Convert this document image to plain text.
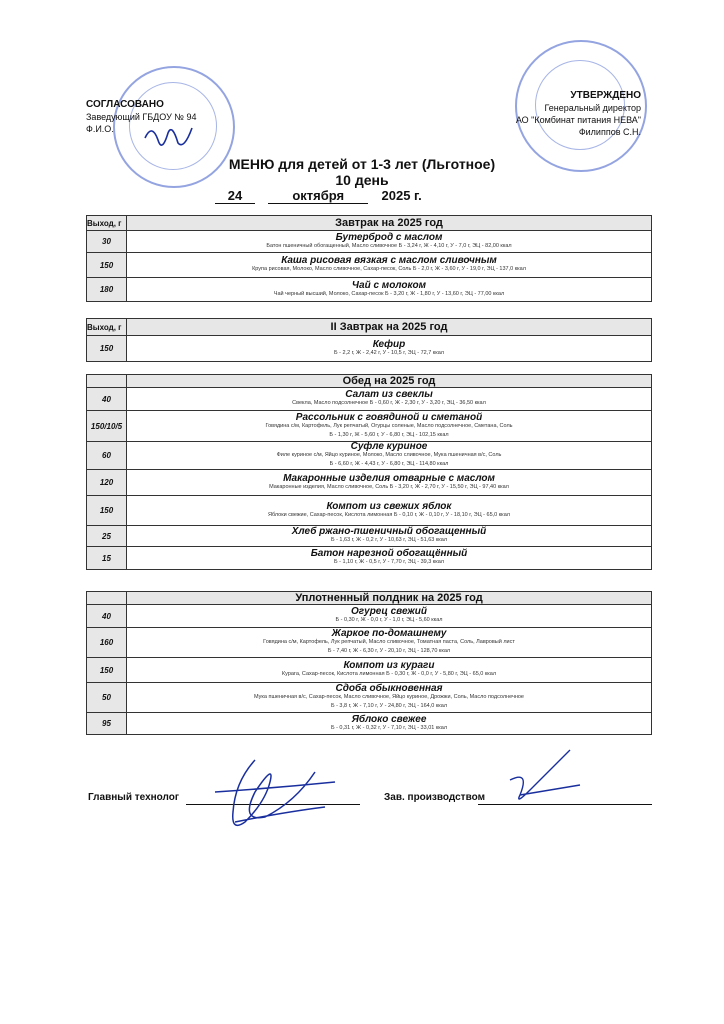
СОГЛАСОВАНО
Заведующий ГБДОУ № 94
Ф.И.О.
УТВЕРЖДЕНО
Генеральный директор
АО "Комбинат питания НЕВА"
Филиппов С.Н.
МЕНЮ для детей от 1-3 лет (Льготное)
10 день
24	октября	2025 г.
Выход, г	Завтрак на 2025 год
30	Бутерброд с маслом
Батон пшеничный обогащенный, Масло сливочное Б - 3,24 г, Ж - 4,10 г, У - 7,0 г, ЭЦ - 82,00 ккал

150	Каша рисовая вязкая с маслом сливочным
Крупа рисовая, Молоко, Масло сливочное, Сахар-песок, Соль Б - 2,0 г, Ж - 3,60 г, У - 19,0 г, ЭЦ - 137,0 ккал

180	Чай с молоком
Чай черный высший, Молоко, Сахар-песок Б - 3,20 г, Ж - 1,80 г, У - 13,60 г, ЭЦ - 77,00 ккал
Выход, г	II Завтрак на 2025 год
150	Кефир
Б - 2,2 г, Ж - 2,42 г, У - 10,5 г, ЭЦ - 72,7 ккал
	Обед на 2025 год
40	Салат из свеклы
Свекла, Масло подсолнечное Б - 0,60 г, Ж - 2,30 г, У - 3,20 г, ЭЦ - 36,50 ккал

150/10/5	Рассольник с говядиной и сметаной
Говядина с/м, Картофель, Лук репчатый, Огурцы соленые, Масло подсолнечное, Сметана, Соль
Б - 1,30 г, Ж - 5,60 г, У - 6,80 г, ЭЦ - 102,15 ккал

60	Суфле куриное
Филе куриное с/м, Яйцо куриное, Молоко, Масло сливочное, Мука пшеничная в/с, Соль
Б - 6,60 г, Ж - 4,43 г, У - 6,80 г, ЭЦ - 114,80 ккал

120	Макаронные изделия отварные с маслом
Макаронные изделия, Масло сливочное, Соль Б - 3,20 г, Ж - 2,70 г, У - 15,50 г, ЭЦ - 97,40 ккал

150	Компот из свежих яблок
Яблоки свежие, Сахар-песок, Кислота лимонная Б - 0,10 г, Ж - 0,10 г, У - 18,10 г, ЭЦ - 65,0 ккал

25	Хлеб ржано-пшеничный обогащенный
Б - 1,63 г, Ж - 0,2 г, У - 10,63 г, ЭЦ - 51,63 ккал

15	Батон нарезной обогащённый
Б - 1,10 г, Ж - 0,5 г, У - 7,70 г, ЭЦ - 39,3 ккал
	Уплотненный полдник на 2025 год
40	Огурец свежий
Б - 0,30 г, Ж - 0,0 г, У - 1,0 г, ЭЦ - 5,60 ккал

160	Жаркое по-домашнему
Говядина с/м, Картофель, Лук репчатый, Масло сливочное, Томатная паста, Соль, Лавровый лист
Б - 7,40 г, Ж - 6,30 г, У - 20,10 г, ЭЦ - 128,70 ккал

150	Компот из кураги
Курага, Сахар-песок, Кислота лимонная Б - 0,30 г, Ж - 0,0 г, У - 5,80 г, ЭЦ - 65,0 ккал

50	Сдоба обыкновенная
Мука пшеничная в/с, Сахар-песок, Масло сливочное, Яйцо куриное, Дрожжи, Соль, Масло подсолнечное
Б - 3,8 г, Ж - 7,10 г, У - 24,80 г, ЭЦ - 164,0 ккал

95	Яблоко свежее
Б - 0,31 г, Ж - 0,32 г, У - 7,10 г, ЭЦ - 33,01 ккал
Главный технолог	Зав. производством
